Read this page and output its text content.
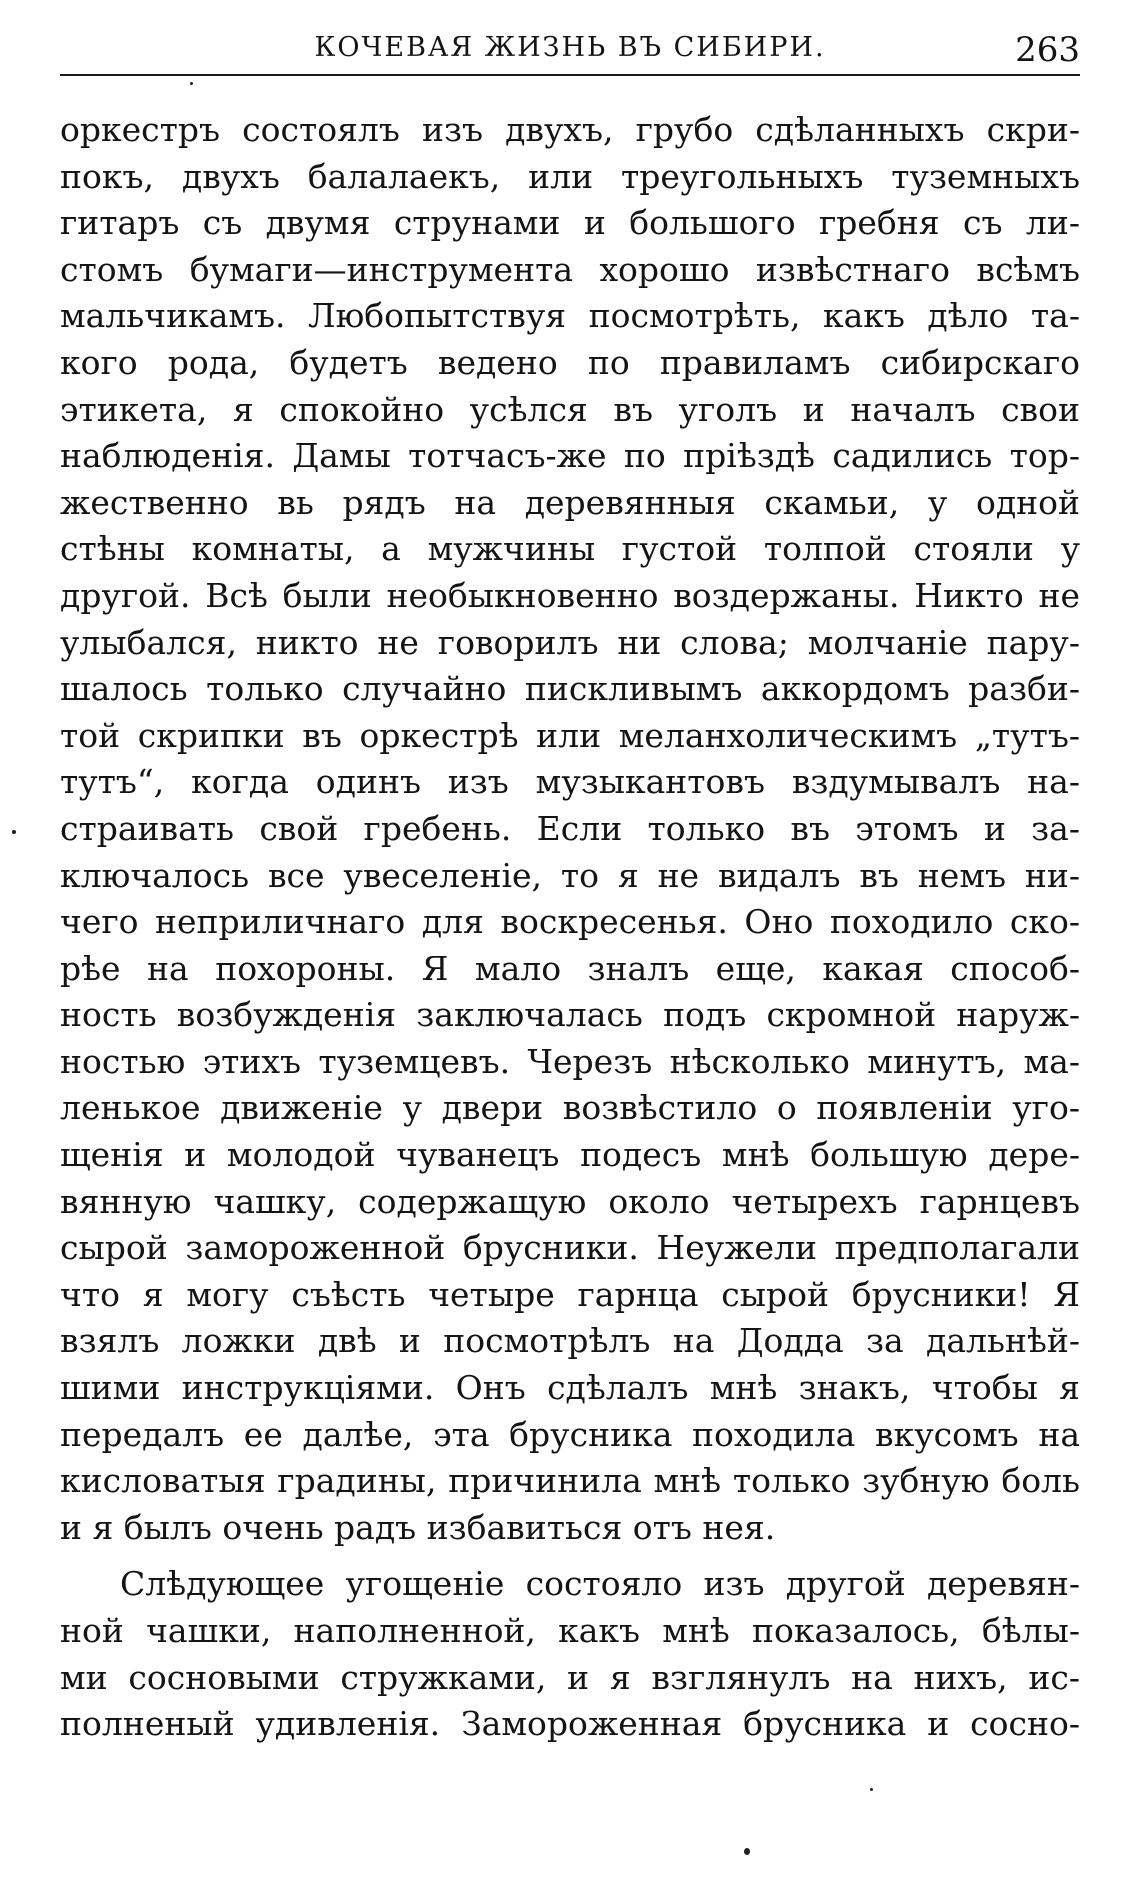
КОЧЕВАЯ ЖИЗНЬ ВЪ СИБИРИ.	263
оркестръ состоялъ изъ двухъ, грубо сдѣланныхъ скри-
покъ, двухъ балалаекъ, или треугольныхъ туземныхъ
гитаръ съ двумя струнами и большого гребня съ ли-
стомъ бумаги—инструмента хорошо извѣстнаго всѣмъ
мальчикамъ. Любопытствуя посмотрѣть, какъ дѣло та-
кого рода, будетъ ведено по правиламъ сибирскаго
этикета, я спокойно усѣлся въ уголъ и началъ свои
наблюденія. Дамы тотчасъ-же по пріѣздѣ садились тор-
жественно вь рядъ на деревянныя скамьи, у одной
стѣны комнаты, а мужчины густой толпой стояли у
другой. Всѣ были необыкновенно воздержаны. Никто не
улыбался, никто не говорилъ ни слова; молчаніе пару-
шалось только случайно пискливымъ аккордомъ разби-
той скрипки въ оркестрѣ или меланхолическимъ „тутъ-
тутъ“, когда одинъ изъ музыкантовъ вздумывалъ на-
страивать свой гребень. Если только въ этомъ и за-
ключалось все увеселеніе, то я не видалъ въ немъ ни-
чего неприличнаго для воскресенья. Оно походило ско-
рѣе на похороны. Я мало зналъ еще, какая способ-
ность возбужденія заключалась подъ скромной наруж-
ностью этихъ туземцевъ. Черезъ нѣсколько минутъ, ма-
ленькое движеніе у двери возвѣстило о появленіи уго-
щенія и молодой чуванецъ подесъ мнѣ большую дере-
вянную чашку, содержащую около четырехъ гарнцевъ
сырой замороженной брусники. Неужели предполагали
что я могу съѣсть четыре гарнца сырой брусники! Я
взялъ ложки двѣ и посмотрѣлъ на Додда за дальнѣй-
шими инструкціями. Онъ сдѣлалъ мнѣ знакъ, чтобы я
передалъ ее далѣе, эта брусника походила вкусомъ на
кисловатыя градины, причинила мнѣ только зубную боль
и я былъ очень радъ избавиться отъ нея.
Слѣдующее угощеніе состояло изъ другой деревян-
ной чашки, наполненной, какъ мнѣ показалось, бѣлы-
ми сосновыми стружками, и я взглянулъ на нихъ, ис-
полненый удивленія. Замороженная брусника и сосно-
